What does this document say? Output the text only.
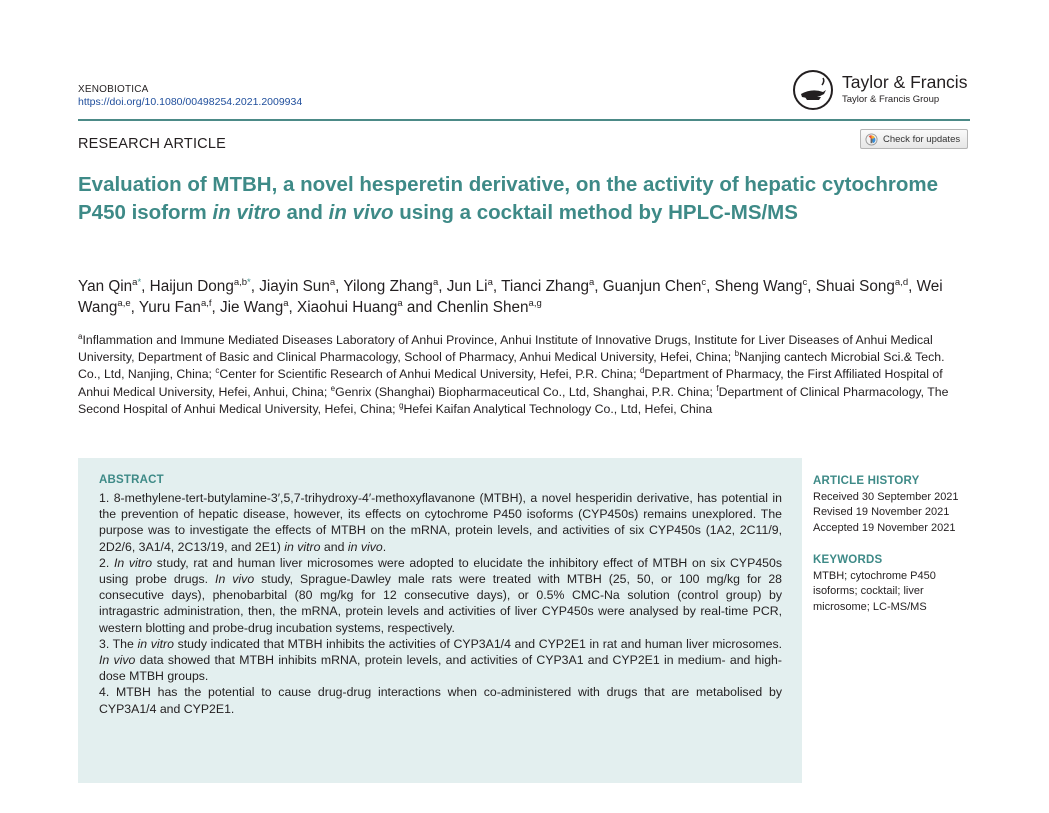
XENOBIOTICA
https://doi.org/10.1080/00498254.2021.2009934
Taylor & Francis
Taylor & Francis Group
RESEARCH ARTICLE	Check for updates
Evaluation of MTBH, a novel hesperetin derivative, on the activity of hepatic cytochrome P450 isoform in vitro and in vivo using a cocktail method by HPLC-MS/MS
Yan Qin$^{a*}$, Haijun Dong$^{a,b*}$, Jiayin Sun$^a$, Yilong Zhang$^a$, Jun Li$^a$, Tianci Zhang$^a$, Guanjun Chen$^c$, Sheng Wang$^c$, Shuai Song$^{a,d}$, Wei Wang$^{a,e}$, Yuru Fan$^{a,f}$, Jie Wang$^a$, Xiaohui Huang$^a$ and Chenlin Shen$^{a,g}$
$^a$Inflammation and Immune Mediated Diseases Laboratory of Anhui Province, Anhui Institute of Innovative Drugs, Institute for Liver Diseases of Anhui Medical University, Department of Basic and Clinical Pharmacology, School of Pharmacy, Anhui Medical University, Hefei, China; $^b$Nanjing cantech Microbial Sci.& Tech. Co., Ltd, Nanjing, China; $^c$Center for Scientific Research of Anhui Medical University, Hefei, P.R. China; $^d$Department of Pharmacy, the First Affiliated Hospital of Anhui Medical University, Hefei, Anhui, China; $^e$Genrix (Shanghai) Biopharmaceutical Co., Ltd, Shanghai, P.R. China; $^f$Department of Clinical Pharmacology, The Second Hospital of Anhui Medical University, Hefei, China; $^g$Hefei Kaifan Analytical Technology Co., Ltd, Hefei, China
ABSTRACT

1. 8-methylene-tert-butylamine-3′,5,7-trihydroxy-4′-methoxyflavanone (MTBH), a novel hesperidin derivative, has potential in the prevention of hepatic disease, however, its effects on cytochrome P450 isoforms (CYP450s) remains unexplored. The purpose was to investigate the effects of MTBH on the mRNA, protein levels, and activities of six CYP450s (1A2, 2C11/9, 2D2/6, 3A1/4, 2C13/19, and 2E1) in vitro and in vivo.

2. In vitro study, rat and human liver microsomes were adopted to elucidate the inhibitory effect of MTBH on six CYP450s using probe drugs. In vivo study, Sprague-Dawley male rats were treated with MTBH (25, 50, or 100 mg/kg for 28 consecutive days), phenobarbital (80 mg/kg for 12 consecutive days), or 0.5% CMC-Na solution (control group) by intragastric administration, then, the mRNA, protein levels and activities of liver CYP450s were analysed by real-time PCR, western blotting and probe-drug incubation systems, respectively.

3. The in vitro study indicated that MTBH inhibits the activities of CYP3A1/4 and CYP2E1 in rat and human liver microsomes. In vivo data showed that MTBH inhibits mRNA, protein levels, and activities of CYP3A1 and CYP2E1 in medium- and high-dose MTBH groups.

4. MTBH has the potential to cause drug-drug interactions when co-administered with drugs that are metabolised by CYP3A1/4 and CYP2E1.

ARTICLE HISTORY
Received 30 September 2021
Revised 19 November 2021
Accepted 19 November 2021
KEYWORDS
MTBH; cytochrome P450 isoforms; cocktail; liver microsome; LC-MS/MS
